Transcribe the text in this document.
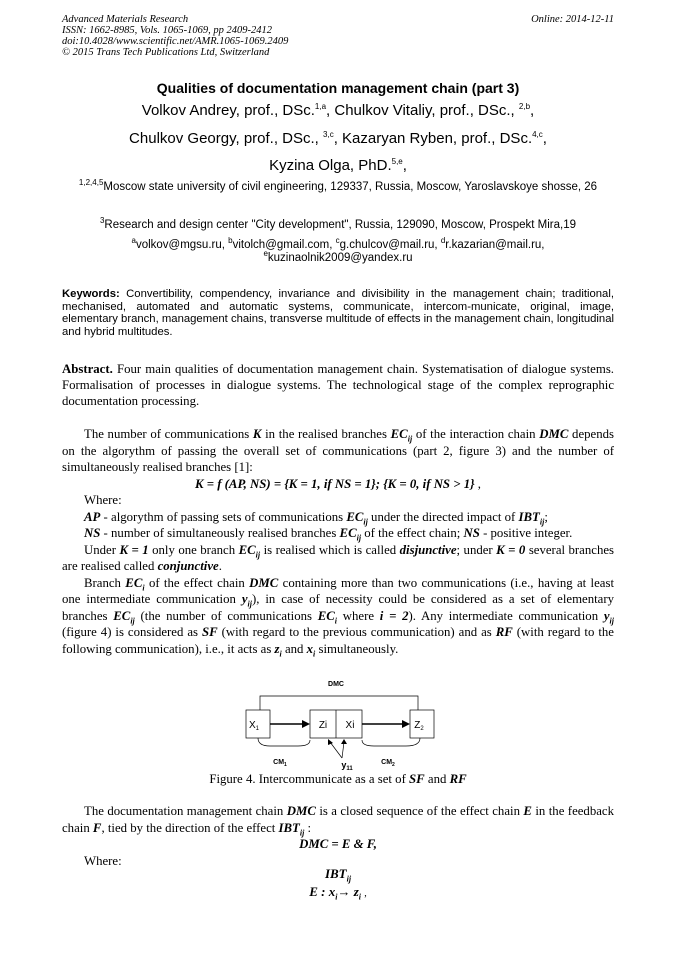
Advanced Materials Research
ISSN: 1662-8985, Vols. 1065-1069, pp 2409-2412
doi:10.4028/www.scientific.net/AMR.1065-1069.2409
© 2015 Trans Tech Publications Ltd, Switzerland
Online: 2014-12-11
Qualities of documentation management chain (part 3)
Volkov Andrey, prof., DSc.$^{1,a}$, Chulkov Vitaliy, prof., DSc., $^{2,b}$,
Chulkov Georgy, prof., DSc., $^{3,c}$, Kazaryan Ryben, prof., DSc.$^{4,c}$,
Kyzina Olga, PhD.$^{5,e}$,
$^{1,2,4,5}$Moscow state university of civil engineering, 129337, Russia, Moscow, Yaroslavskoye shosse, 26
$^3$Research and design center "City development", Russia, 129090, Moscow, Prospekt Mira,19
$^a$volkov@mgsu.ru, $^b$vitolch@gmail.com, $^c$g.chulcov@mail.ru, $^d$r.kazarian@mail.ru,
$^e$kuzinaolnik2009@yandex.ru
Keywords: Convertibility, compendency, invariance and divisibility in the management chain; traditional, mechanised, automated and automatic systems, communicate, intercom-municate, original, image, elementary branch, management chains, transverse multitude of effects in the management chain, longitudinal and hybrid multitudes.
Abstract. Four main qualities of documentation management chain. Systematisation of dialogue systems. Formalisation of processes in dialogue systems. The technological stage of the complex reprographic documentation processing.

The number of communications K in the realised branches $EC_{ij}$ of the interaction chain DMC depends on the algorythm of passing the overall set of communications (part 2, figure 3) and the number of simultaneously realised branches [1]:

K = f (AP, NS) = {K = 1, if NS = 1}; {K = 0, if NS > 1} ,

Where:

AP - algorythm of passing sets of communications $EC_{ij}$ under the directed impact of $IBT_{ij}$;

NS - number of simultaneously realised branches $EC_{ij}$ of the effect chain; NS - positive integer.

Under K = 1 only one branch $EC_{ij}$ is realised which is called disjunctive; under K = 0 several branches are realised called conjunctive.

Branch $EC_i$ of the effect chain DMC containing more than two communications (i.e., having at least one intermediate communication $y_{ij}$), in case of necessity could be considered as a set of elementary branches $EC_{ij}$ (the number of communications $EC_i$ where i = 2). Any intermediate communication $y_{ij}$ (figure 4) is considered as SF (with regard to the previous communication) and as RF (with regard to the following communication), i.e., it acts as $z_i$ and $x_i$ simultaneously.

DMC
$X_1$	Zi Xi	$Z_2$
$CM_1$	$CM_2$
$y_{11}$
Figure 4. Intercommunicate as a set of SF and RF

The documentation management chain DMC is a closed sequence of the effect chain E in the feedback chain F, tied by the direction of the effect $IBT_{ij}$ :

DMC = E & F,

Where:

$IBT_{ij}$
E : $x_i\to z_i$ ,
